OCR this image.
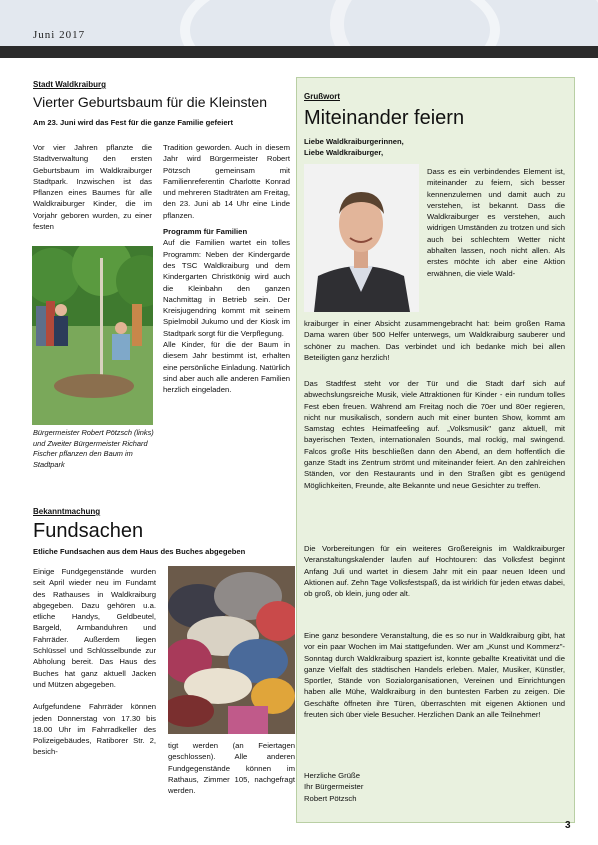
Juni 2017
Stadt Waldkraiburg
Vierter Geburtsbaum für die Kleinsten
Am 23. Juni wird das Fest für die ganze Familie gefeiert
Vor vier Jahren pflanzte die Stadtverwaltung den ersten Geburtsbaum im Waldkraiburger Stadtpark. Inzwischen ist das Pflanzen eines Baumes für alle Waldkraiburger Kinder, die im Vorjahr geboren wurden, zu einer festen
Bürgermeister Robert Pötzsch (links) und Zweiter Bürgermeister Richard Fischer pflanzen den Baum im Stadtpark

Tradition geworden. Auch in diesem Jahr wird Bürgermeister Robert Pötzsch gemeinsam mit Familienreferentin Charlotte Konrad und mehreren Stadträten am Freitag, den 23. Juni ab 14 Uhr eine Linde pflanzen.

Programm für Familien

Auf die Familien wartet ein tolles Programm: Neben der Kindergarde des TSC Waldkraiburg und dem Kindergarten Christkönig wird auch die Kleinbahn den ganzen Nachmittag in Betrieb sein. Der Kreisjugendring kommt mit seinem Spielmobil Jukumo und der Kiosk im Stadtpark sorgt für die Verpflegung.

Alle Kinder, für die der Baum in diesem Jahr bestimmt ist, erhalten eine persönliche Einladung. Natürlich sind aber auch alle anderen Familien herzlich eingeladen.

Bekanntmachung
Fundsachen
Etliche Fundsachen aus dem Haus des Buches abgegeben

Einige Fundgegenstände wurden seit April wieder neu im Fundamt des Rathauses in Waldkraiburg abgegeben. Dazu gehören u.a. etliche Handys, Geldbeutel, Bargeld, Armbanduhren und Fahrräder. Außerdem liegen Schlüssel und Schlüsselbunde zur Abholung bereit. Das Haus des Buches hat ganz aktuell Jacken und Mützen abgegeben.

Aufgefundene Fahrräder können jeden Donnerstag von 17.30 bis 18.00 Uhr im Fahrradkeller des Polizeigebäudes, Ratiborer Str. 2, besich-

tigt werden (an Feiertagen geschlossen). Alle anderen Fundgegenstände können im Rathaus, Zimmer 105, nachgefragt werden.
Grußwort
Miteinander feiern
Liebe Waldkraiburgerinnen,
Liebe Waldkraiburger,
Dass es ein verbindendes Element ist, miteinander zu feiern, sich besser kennenzulernen und damit auch zu verstehen, ist bekannt. Dass die Waldkraiburger es verstehen, auch widrigen Umständen zu trotzen und sich auch bei schlechtem Wetter nicht abhalten lassen, noch nicht allen. Als erstes möchte ich aber eine Aktion erwähnen, die viele Wald-
kraiburger in einer Absicht zusammengebracht hat: beim großen Rama Dama waren über 500 Helfer unterwegs, um Waldkraiburg sauberer und schöner zu machen. Das verbindet und ich bedanke mich bei allen Beteiligten ganz herzlich!
Das Stadtfest steht vor der Tür und die Stadt darf sich auf abwechslungsreiche Musik, viele Attraktionen für Kinder - ein rundum tolles Fest eben freuen. Während am Freitag noch die 70er und 80er regieren, nicht nur musikalisch, sondern auch mit einer bunten Show, kommt am Samstag echtes Heimatfeeling auf. „Volksmusik" ganz aktuell, mit bayerischen Texten, internationalen Sounds, mal rockig, mal swingend. Falcos große Hits beschließen dann den Abend, an dem hoffentlich die ganze Stadt ins Zentrum strömt und miteinander feiert. An den zahlreichen Ständen, vor den Restaurants und in den Straßen gibt es genügend Möglichkeiten, Freunde, alte Bekannte und neue Gesichter zu treffen.
Die Vorbereitungen für ein weiteres Großereignis im Waldkraiburger Veranstaltungskalender laufen auf Hochtouren: das Volksfest beginnt Anfang Juli und wartet in diesem Jahr mit ein paar neuen Ideen und Aktionen auf. Zehn Tage Volksfestspaß, da ist wirklich für jeden etwas dabei, ob groß, ob klein, jung oder alt.
Eine ganz besondere Veranstaltung, die es so nur in Waldkraiburg gibt, hat vor ein paar Wochen im Mai stattgefunden. Wer am „Kunst und Kommerz"-Sonntag durch Waldkraiburg spaziert ist, konnte geballte Kreativität und die ganze Vielfalt des städtischen Handels erleben. Maler, Musiker, Künstler, Sportler, Stände von Sozialorganisationen, Vereinen und Einrichtungen haben alle Mühe, Waldkraiburg in den buntesten Farben zu zeigen. Die Geschäfte öffneten ihre Türen, überraschten mit eigenen Aktionen und freuten sich über viele Besucher. Herzlichen Dank an alle Teilnehmer!

Herzliche Grüße

Ihr Bürgermeister

Robert Pötzsch

3
